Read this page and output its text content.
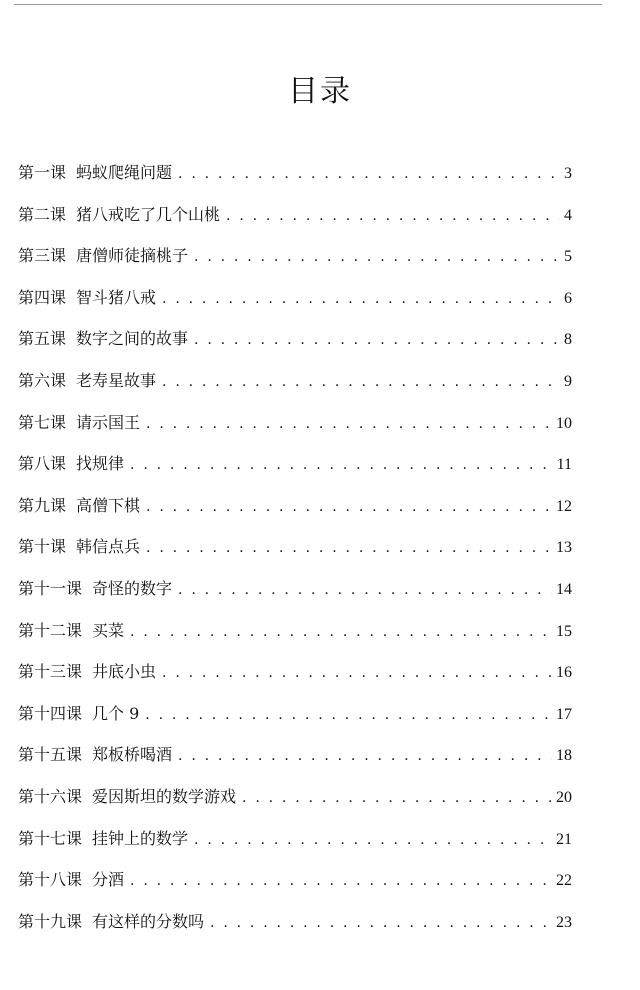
目录
第一课 蚂蚁爬绳问题 . . .	3
第二课 猪八戒吃了几个山桃 . . .	4
第三课 唐僧师徒摘桃子 . . .	5
第四课 智斗猪八戒 . . .	6
第五课 数字之间的故事 . . .	8
第六课 老寿星故事 . . .	9
第七课 请示国王 . . .	10
第八课 找规律 . . .	11
第九课 高僧下棋 . . .	12
第十课 韩信点兵 . . .	13
第十一课 奇怪的数字 . . .	14
第十二课 买菜 . . .	15
第十三课 井底小虫 . . .	16
第十四课 几个 9 . . .	17
第十五课 郑板桥喝酒 . . .	18
第十六课 爱因斯坦的数学游戏 . . .	20
第十七课 挂钟上的数学 . . .	21
第十八课 分酒 . . .	22
第十九课 有这样的分数吗 . . .	23
